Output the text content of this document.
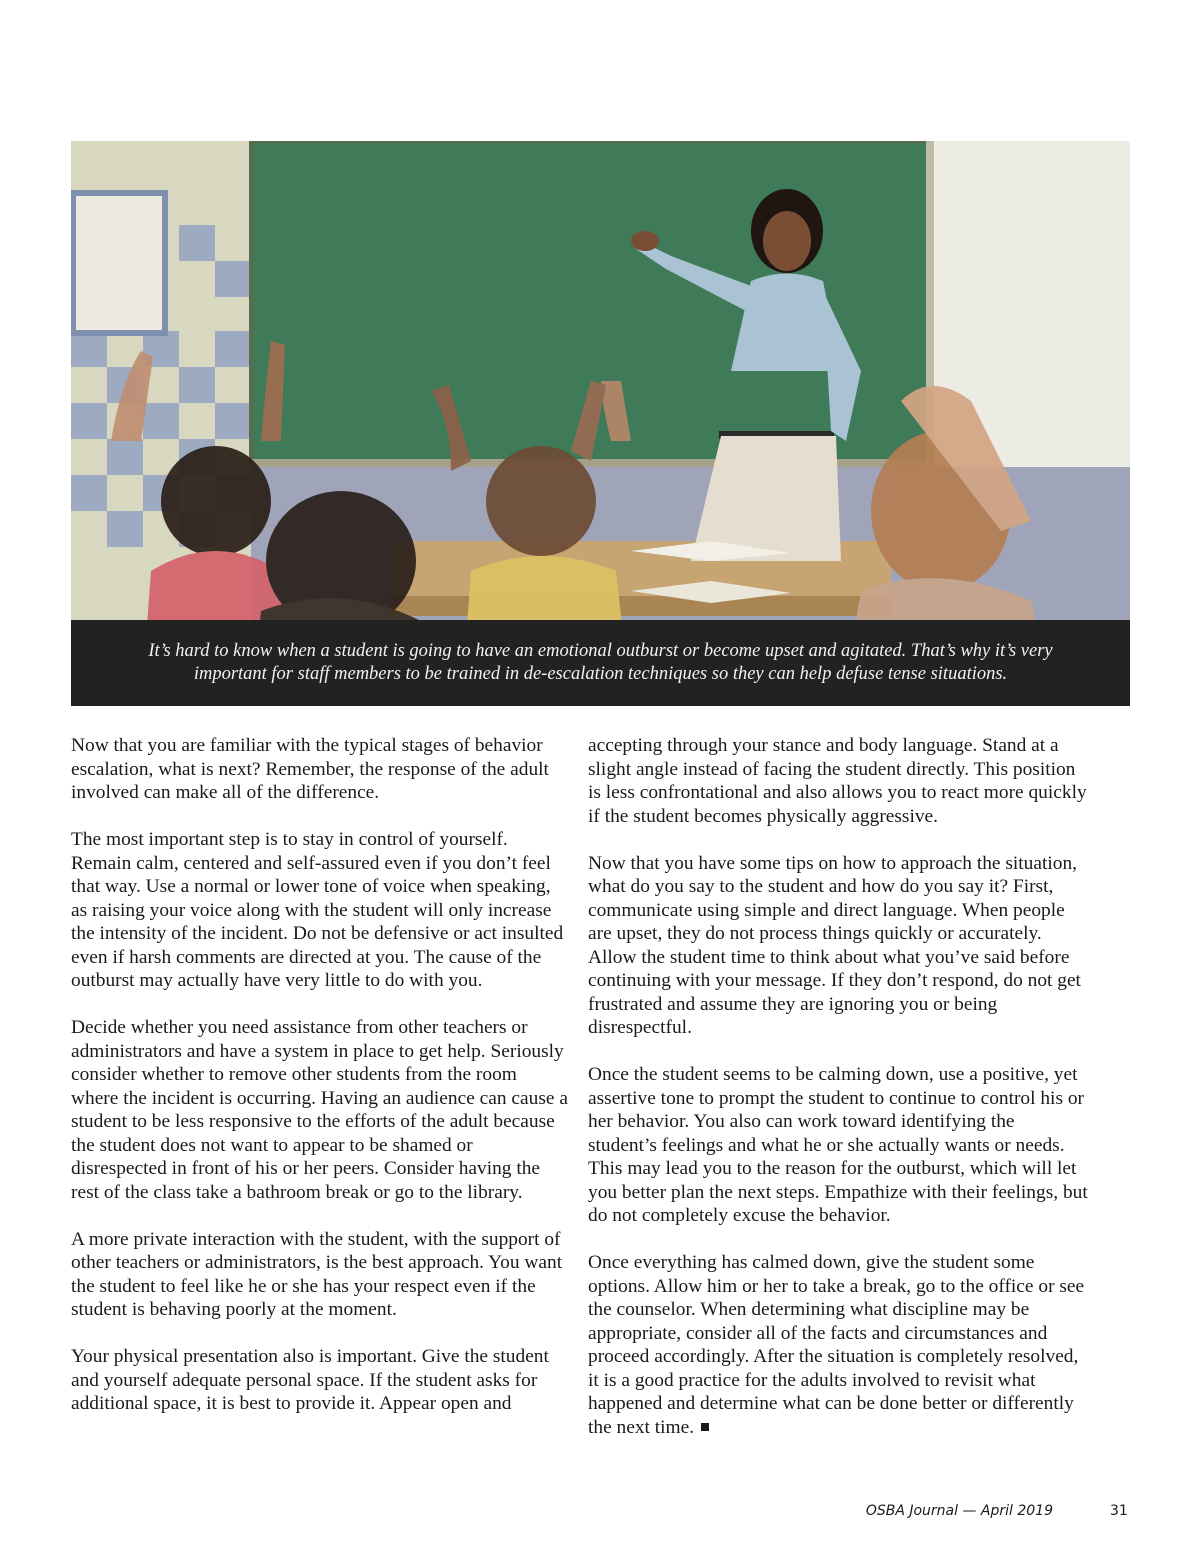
It’s hard to know when a student is going to have an emotional outburst or become upset and agitated. That’s why it’s very
important for staff members to be trained in de-escalation techniques so they can help defuse tense situations.

Now that you are familiar with the typical stages of behavior escalation, what is next? Remember, the response of the adult involved can make all of the difference.

The most important step is to stay in control of yourself. Remain calm, centered and self-assured even if you don’t feel that way. Use a normal or lower tone of voice when speaking, as raising your voice along with the student will only increase the intensity of the incident. Do not be defensive or act insulted even if harsh comments are directed at you. The cause of the outburst may actually have very little to do with you.

Decide whether you need assistance from other teachers or administrators and have a system in place to get help. Seriously consider whether to remove other students from the room where the incident is occurring. Having an audience can cause a student to be less responsive to the efforts of the adult because the student does not want to appear to be shamed or disrespected in front of his or her peers. Consider having the rest of the class take a bathroom break or go to the library.

A more private interaction with the student, with the support of other teachers or administrators, is the best approach. You want the student to feel like he or she has your respect even if the student is behaving poorly at the moment.

Your physical presentation also is important. Give the student and yourself adequate personal space. If the student asks for additional space, it is best to provide it. Appear open and

accepting through your stance and body language. Stand at a slight angle instead of facing the student directly. This position is less confrontational and also allows you to react more quickly if the student becomes physically aggressive.

Now that you have some tips on how to approach the situation, what do you say to the student and how do you say it? First, communicate using simple and direct language. When people are upset, they do not process things quickly or accurately. Allow the student time to think about what you’ve said before continuing with your message. If they don’t respond, do not get frustrated and assume they are ignoring you or being disrespectful.

Once the student seems to be calming down, use a positive, yet assertive tone to prompt the student to continue to control his or her behavior. You also can work toward identifying the student’s feelings and what he or she actually wants or needs. This may lead you to the reason for the outburst, which will let you better plan the next steps. Empathize with their feelings, but do not completely excuse the behavior.

Once everything has calmed down, give the student some options. Allow him or her to take a break, go to the office or see the counselor. When determining what discipline may be appropriate, consider all of the facts and circumstances and proceed accordingly. After the situation is completely resolved, it is a good practice for the adults involved to revisit what happened and determine what can be done better or differently the next time.

OSBA Journal — April 2019	31
